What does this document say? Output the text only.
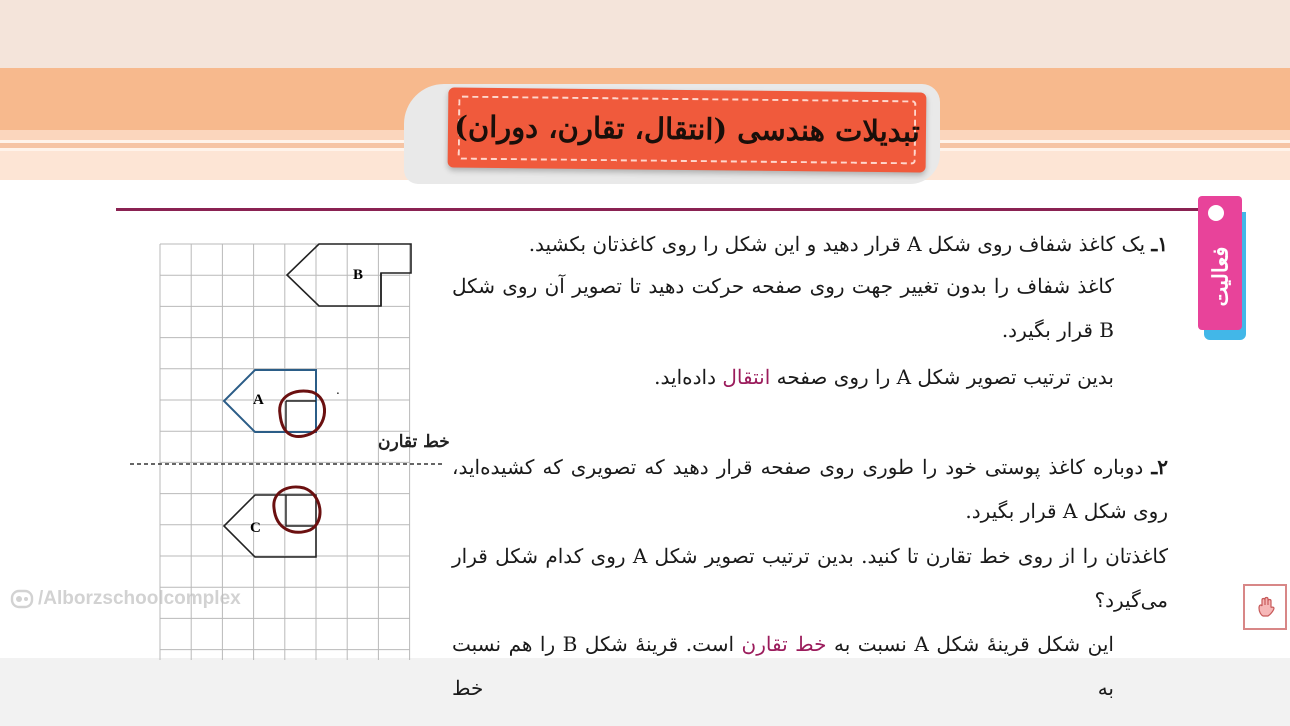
تبدیلات هندسی (انتقال، تقارن، دوران)
فعالیت
/Alborzschoolcomplex
.
B
A
C
خط تقارن
۱ـ یک کاغذ شفاف روی شکل A قرار دهید و این شکل را روی کاغذتان بکشید.
کاغذ شفاف را بدون تغییر جهت روی صفحه حرکت دهید تا تصویر آن روی شکل B قرار بگیرد.
بدین ترتیب تصویر شکل A را روی صفحه انتقال داده‌اید.
۲ـ دوباره کاغذ پوستی خود را طوری روی صفحه قرار دهید که تصویری که کشیده‌اید، روی شکل A قرار بگیرد.
کاغذتان را از روی خط تقارن تا کنید. بدین ترتیب تصویر شکل A روی کدام شکل قرار می‌گیرد؟
این شکل قرینهٔ شکل A نسبت به خط تقارن است. قرینهٔ شکل B را هم نسبت به خط
